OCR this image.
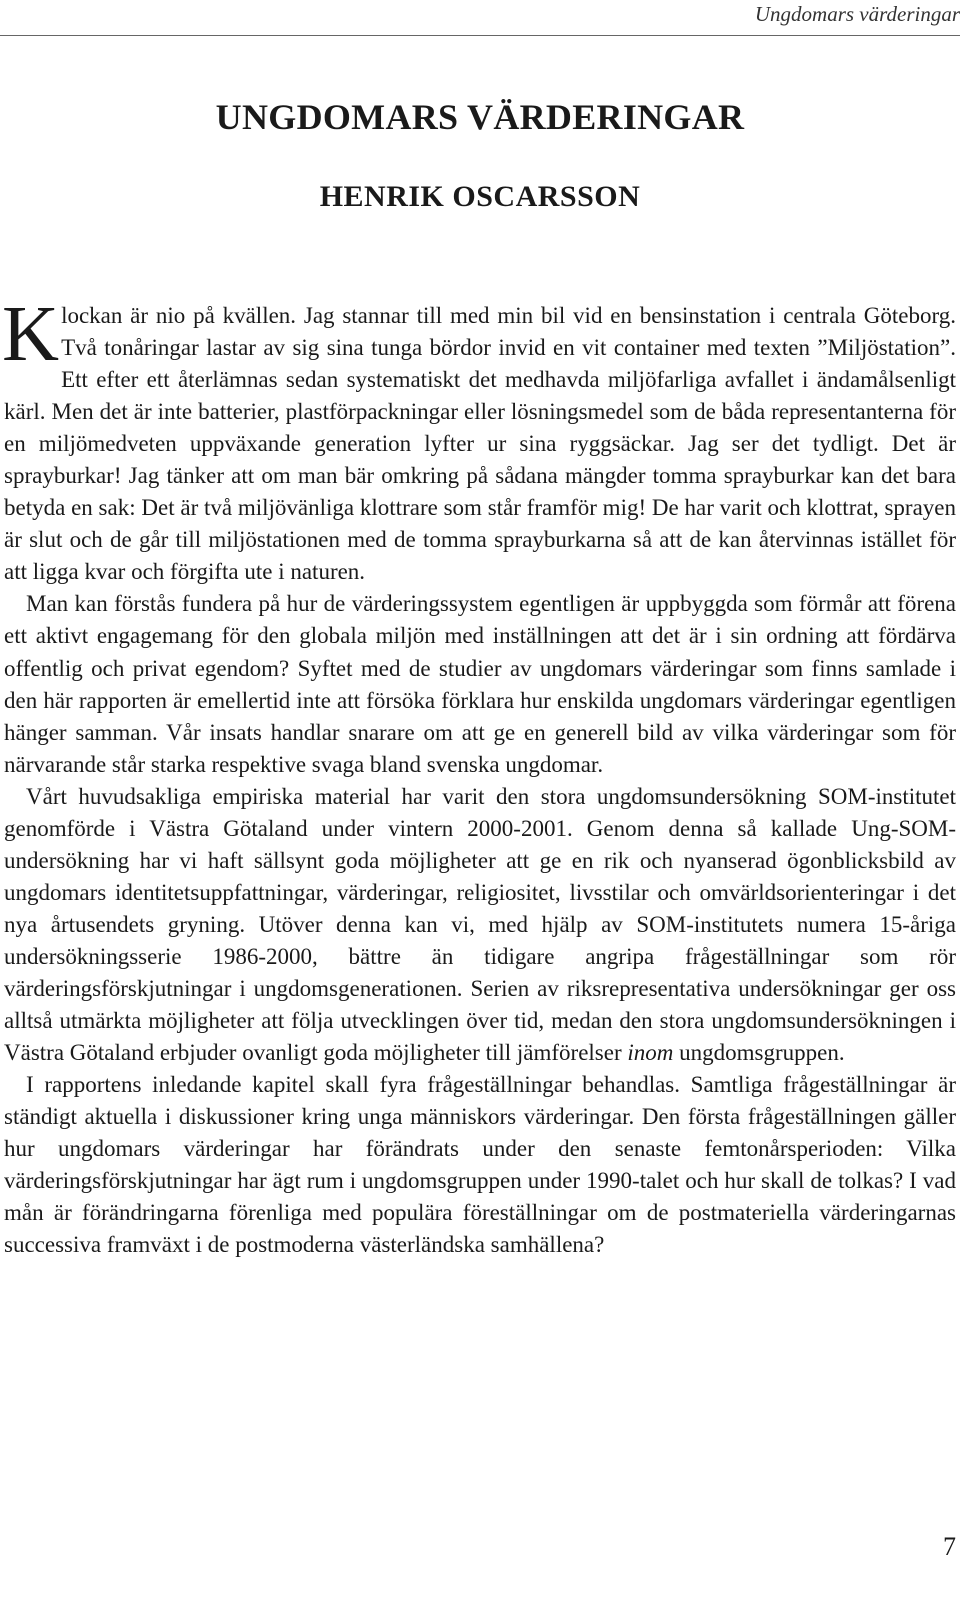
Ungdomars värderingar
UNGDOMARS VÄRDERINGAR
HENRIK OSCARSSON

Klockan är nio på kvällen. Jag stannar till med min bil vid en bensinstation i centrala Göteborg. Två tonåringar lastar av sig sina tunga bördor invid en vit container med texten ”Miljöstation”. Ett efter ett återlämnas sedan systematiskt det medhavda miljöfarliga avfallet i ändamålsenligt kärl. Men det är inte batterier, plastförpackningar eller lösningsmedel som de båda representanterna för en miljömedveten uppväxande generation lyfter ur sina ryggsäckar. Jag ser det tydligt. Det är sprayburkar! Jag tänker att om man bär omkring på sådana mängder tomma sprayburkar kan det bara betyda en sak: Det är två miljövänliga klottrare som står framför mig! De har varit och klottrat, sprayen är slut och de går till miljöstationen med de tomma sprayburkarna så att de kan återvinnas istället för att ligga kvar och förgifta ute i naturen.

Man kan förstås fundera på hur de värderingssystem egentligen är uppbyggda som förmår att förena ett aktivt engagemang för den globala miljön med inställningen att det är i sin ordning att fördärva offentlig och privat egendom? Syftet med de studier av ungdomars värderingar som finns samlade i den här rapporten är emellertid inte att försöka förklara hur enskilda ungdomars värderingar egentligen hänger samman. Vår insats handlar snarare om att ge en generell bild av vilka värderingar som för närvarande står starka respektive svaga bland svenska ungdomar.

Vårt huvudsakliga empiriska material har varit den stora ungdomsundersökning SOM-institutet genomförde i Västra Götaland under vintern 2000-2001. Genom denna så kallade Ung-SOM-undersökning har vi haft sällsynt goda möjligheter att ge en rik och nyanserad ögonblicksbild av ungdomars identitetsuppfattningar, värderingar, religiositet, livsstilar och omvärldsorienteringar i det nya årtusendets gryning. Utöver denna kan vi, med hjälp av SOM-institutets numera 15-åriga undersökningsserie 1986-2000, bättre än tidigare angripa frågeställningar som rör värderingsförskjutningar i ungdomsgenerationen. Serien av riksrepresentativa undersökningar ger oss alltså utmärkta möjligheter att följa utvecklingen över tid, medan den stora ungdomsundersökningen i Västra Götaland erbjuder ovanligt goda möjligheter till jämförelser inom ungdomsgruppen.

I rapportens inledande kapitel skall fyra frågeställningar behandlas. Samtliga frågeställningar är ständigt aktuella i diskussioner kring unga människors värderingar. Den första frågeställningen gäller hur ungdomars värderingar har förändrats under den senaste femtonårsperioden: Vilka värderingsförskjutningar har ägt rum i ungdomsgruppen under 1990-talet och hur skall de tolkas? I vad mån är förändringarna förenliga med populära föreställningar om de postmateriella värderingarnas successiva framväxt i de postmoderna västerländska samhällena?

7
